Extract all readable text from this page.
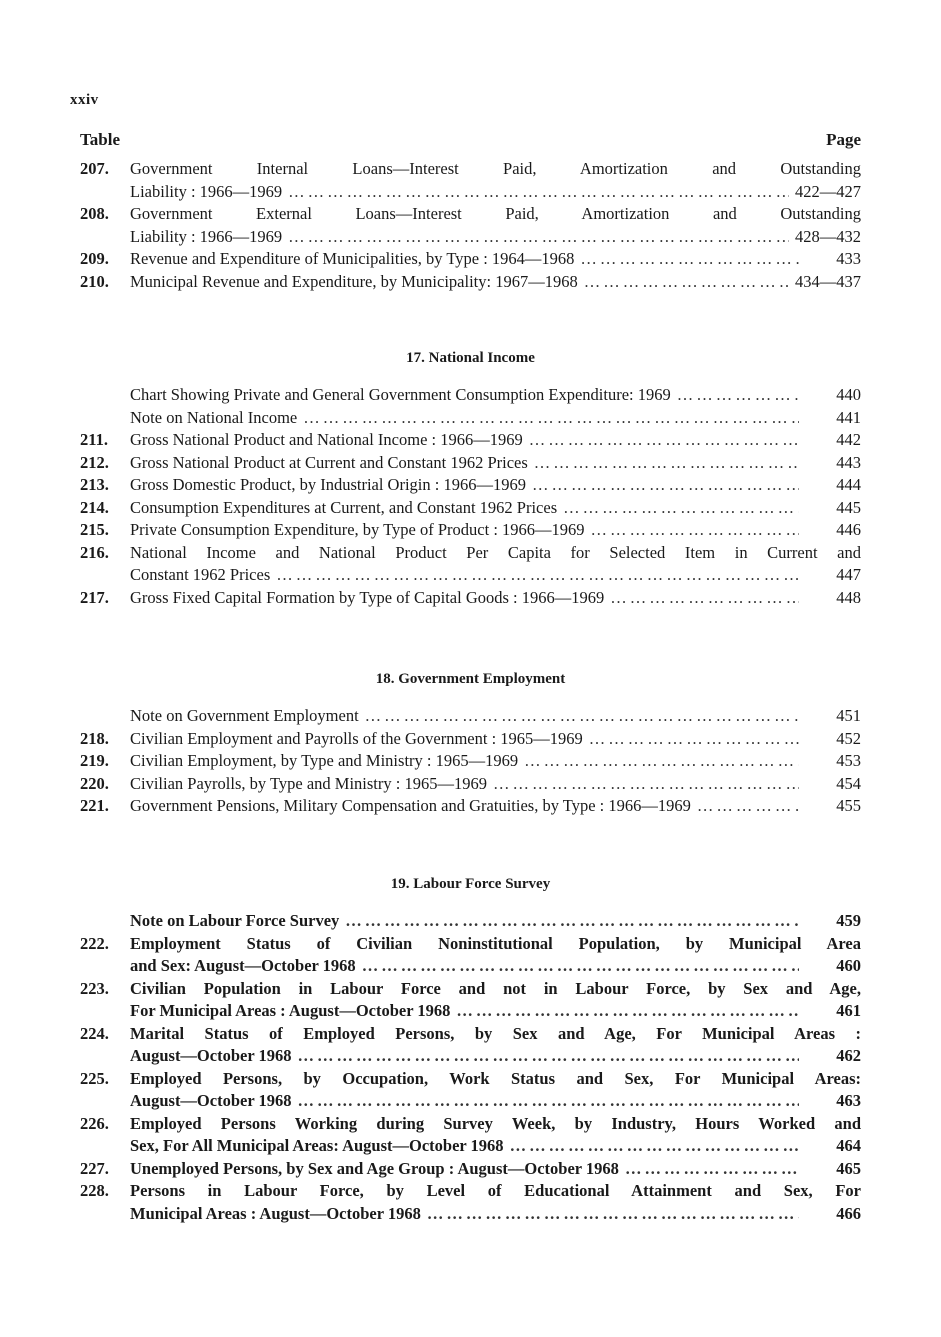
xxiv
Table	Page
207.	Government Internal Loans—Interest Paid, Amortization and Outstanding
Liability : 1966—1969 …………………………………………………………………………………………………………………	422—427
208.	Government External Loans—Interest Paid, Amortization and Outstanding
Liability : 1966—1969 …………………………………………………………………………………………………………………	428—432
209.	Revenue and Expenditure of Municipalities, by Type : 1964—1968 …………………………………………………………………………………………………………………	433
210.	Municipal Revenue and Expenditure, by Municipality: 1967—1968 …………………………………………………………………………………………………………………	434—437
17. National Income
Chart Showing Private and General Government Consumption Expenditure: 1969 …………………………………………………………………………………………………………………	440
Note on National Income …………………………………………………………………………………………………………………	441
211.	Gross National Product and National Income : 1966—1969 …………………………………………………………………………………………………………………	442
212.	Gross National Product at Current and Constant 1962 Prices …………………………………………………………………………………………………………………	443
213.	Gross Domestic Product, by Industrial Origin : 1966—1969 …………………………………………………………………………………………………………………	444
214.	Consumption Expenditures at Current, and Constant 1962 Prices …………………………………………………………………………………………………………………	445
215.	Private Consumption Expenditure, by Type of Product : 1966—1969 …………………………………………………………………………………………………………………	446
216.	National Income and National Product Per Capita for Selected Item in Current and
Constant 1962 Prices …………………………………………………………………………………………………………………	447
217.	Gross Fixed Capital Formation by Type of Capital Goods : 1966—1969 …………………………………………………………………………………………………………………	448
18. Government Employment
Note on Government Employment …………………………………………………………………………………………………………………	451
218.	Civilian Employment and Payrolls of the Government : 1965—1969 …………………………………………………………………………………………………………………	452
219.	Civilian Employment, by Type and Ministry : 1965—1969 …………………………………………………………………………………………………………………	453
220.	Civilian Payrolls, by Type and Ministry : 1965—1969 …………………………………………………………………………………………………………………	454
221.	Government Pensions, Military Compensation and Gratuities, by Type : 1966—1969 …………………………………………………………………………………………………………………	455
19. Labour Force Survey
Note on Labour Force Survey …………………………………………………………………………………………………………………	459
222.	Employment Status of Civilian Noninstitutional Population, by Municipal Area
and Sex: August—October 1968 …………………………………………………………………………………………………………………	460
223.	Civilian Population in Labour Force and not in Labour Force, by Sex and Age,
For Municipal Areas : August—October 1968 …………………………………………………………………………………………………………………	461
224.	Marital Status of Employed Persons, by Sex and Age, For Municipal Areas :
August—October 1968 …………………………………………………………………………………………………………………	462
225.	Employed Persons, by Occupation, Work Status and Sex, For Municipal Areas:
August—October 1968 …………………………………………………………………………………………………………………	463
226.	Employed Persons Working during Survey Week, by Industry, Hours Worked and
Sex, For All Municipal Areas: August—October 1968 …………………………………………………………………………………………………………………	464
227.	Unemployed Persons, by Sex and Age Group : August—October 1968 …………………………………………………………………………………………………………………	465
228.	Persons in Labour Force, by Level of Educational Attainment and Sex, For
Municipal Areas : August—October 1968 …………………………………………………………………………………………………………………	466
